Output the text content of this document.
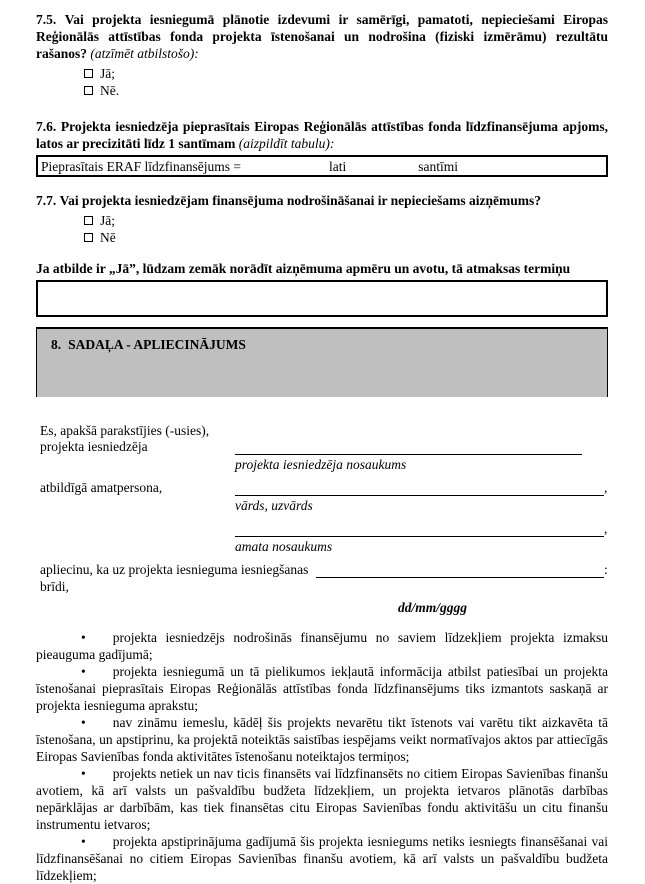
7.5. Vai projekta iesniegumā plānotie izdevumi ir samērīgi, pamatoti, nepieciešami Eiropas Reģionālās attīstības fonda projekta īstenošanai un nodrošina (fiziski izmērāmu) rezultātu rašanos? (atzīmēt atbilstošo):

Jā;
Nē.

7.6. Projekta iesniedzēja pieprasītais Eiropas Reģionālās attīstības fonda līdzfinansējuma apjoms, latos ar precizitāti līdz 1 santīmam (aizpildīt tabulu):

Pieprasītais ERAF līdzfinansējums =	lati	santīmi

7.7. Vai projekta iesniedzējam finansējuma nodrošināšanai ir nepieciešams aizņēmums?

Jā;
Nē

Ja atbilde ir „Jā”, lūdzam zemāk norādīt aizņēmuma apmēru un avotu, tā atmaksas termiņu

8. SADAĻA - APLIECINĀJUMS
Es, apakšā parakstījies (-usies),
projekta iesniedzēja
projekta iesniedzēja nosaukums
atbildīgā amatpersona,	,
vārds, uzvārds
,
amata nosaukums
apliecinu, ka uz projekta iesnieguma iesniegšanas	:
brīdi,
dd/mm/gggg

• projekta iesniedzējs nodrošinās finansējumu no saviem līdzekļiem projekta izmaksu pieauguma gadījumā;

• projekta iesniegumā un tā pielikumos iekļautā informācija atbilst patiesībai un projekta īstenošanai pieprasītais Eiropas Reģionālās attīstības fonda līdzfinansējums tiks izmantots saskaņā ar projekta iesnieguma aprakstu;

• nav zināmu iemeslu, kādēļ šis projekts nevarētu tikt īstenots vai varētu tikt aizkavēta tā īstenošana, un apstiprinu, ka projektā noteiktās saistības iespējams veikt normatīvajos aktos par attiecīgās Eiropas Savienības fonda aktivitātes īstenošanu noteiktajos termiņos;

• projekts netiek un nav ticis finansēts vai līdzfinansēts no citiem Eiropas Savienības finanšu avotiem, kā arī valsts un pašvaldību budžeta līdzekļiem, un projekta ietvaros plānotās darbības nepārklājas ar darbībām, kas tiek finansētas citu Eiropas Savienības fondu aktivitāšu un citu finanšu instrumentu ietvaros;

• projekta apstiprinājuma gadījumā šis projekta iesniegums netiks iesniegts finansēšanai vai līdzfinansēšanai no citiem Eiropas Savienības finanšu avotiem, kā arī valsts un pašvaldību budžeta līdzekļiem;
